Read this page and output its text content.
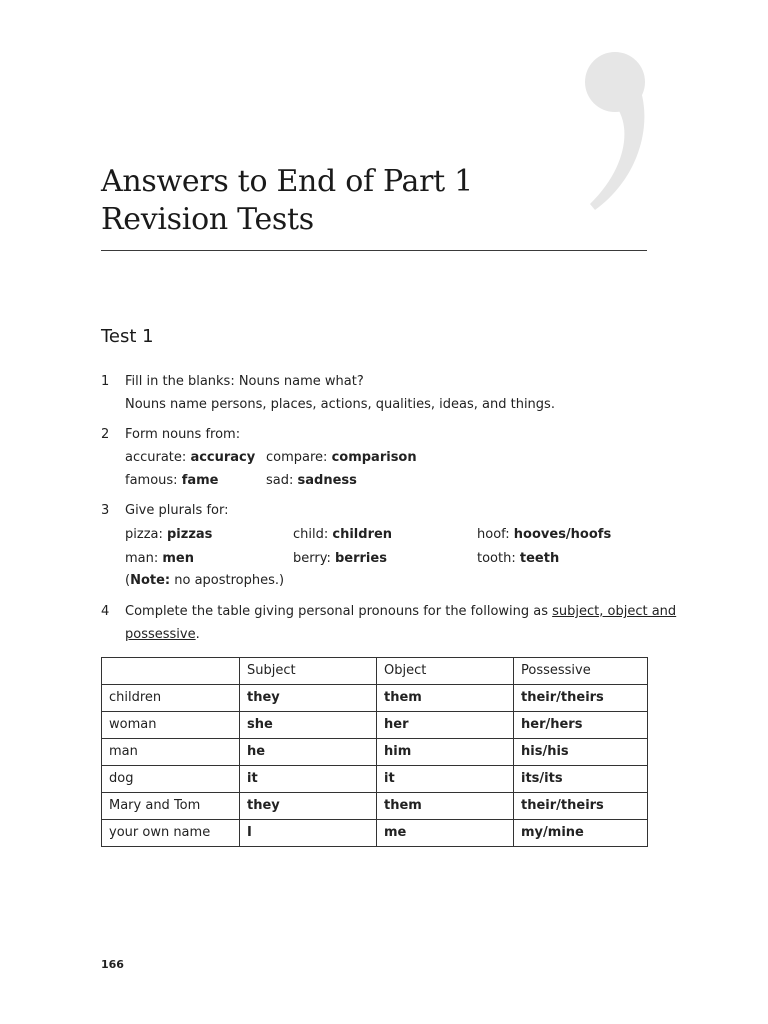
Answers to End of Part 1
Revision Tests
Test 1
1 Fill in the blanks: Nouns name what?
Nouns name persons, places, actions, qualities, ideas, and things.
2 Form nouns from:
accurate: accuracy compare: comparison
famous: fame	sad: sadness
3 Give plurals for:
pizza: pizzas	child: children	hoof: hooves/hoofs
man: men	berry: berries	tooth: teeth
(Note: no apostrophes.)
4 Complete the table giving personal pronouns for the following as subject, object and
possessive.
	Subject	Object	Possessive
children	they	them	their/theirs
woman	she	her	her/hers
man	he	him	his/his
dog	it	it	its/its
Mary and Tom	they	them	their/theirs
your own name	I	me	my/mine
166
